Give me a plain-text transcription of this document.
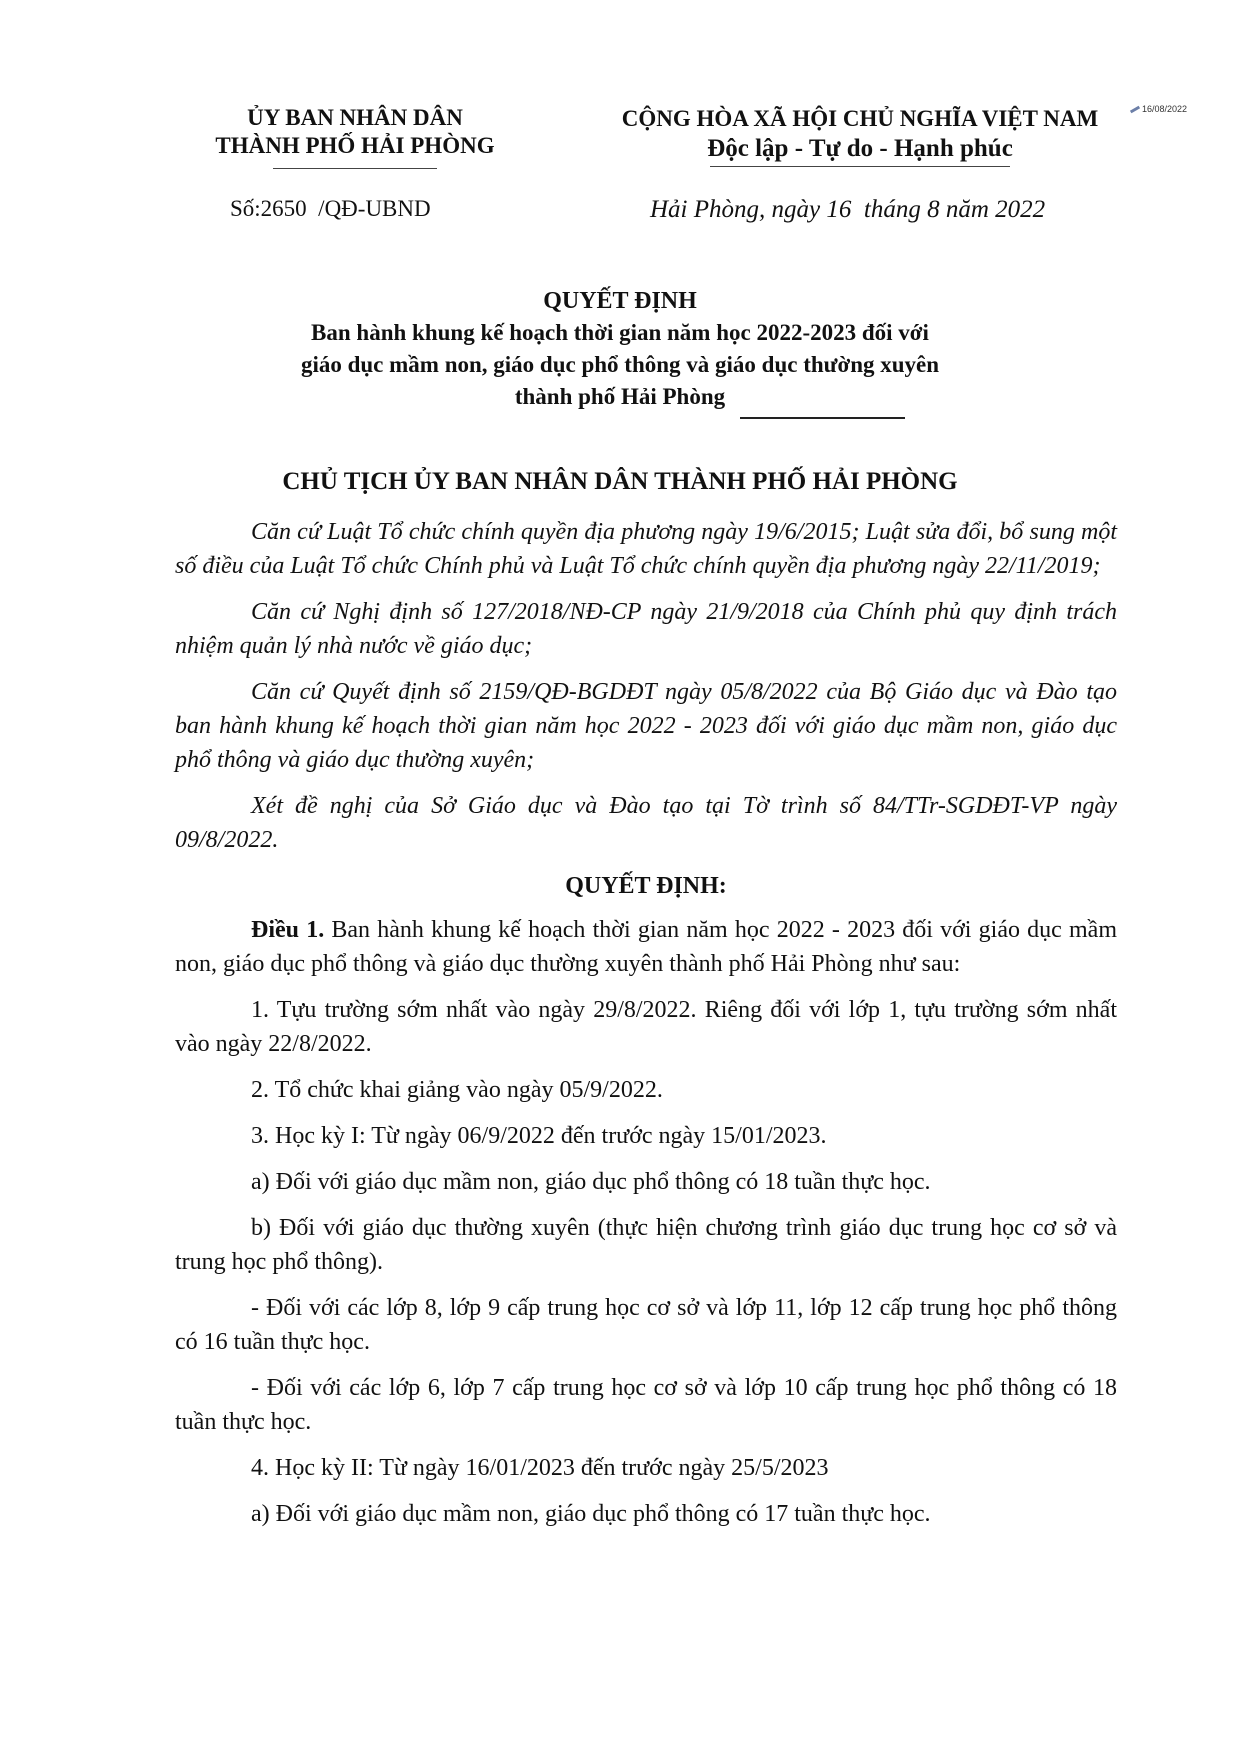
ỦY BAN NHÂN DÂN
THÀNH PHỐ HẢI PHÒNG
Số:2650  /QĐ-UBND
CỘNG HÒA XÃ HỘI CHỦ NGHĨA VIỆT NAM
Độc lập - Tự do - Hạnh phúc
16/08/2022
Hải Phòng, ngày 16  tháng 8 năm 2022
QUYẾT ĐỊNH
Ban hành khung kế hoạch thời gian năm học 2022-2023 đối với
giáo dục mầm non, giáo dục phổ thông và giáo dục thường xuyên
thành phố Hải Phòng
CHỦ TỊCH ỦY BAN NHÂN DÂN THÀNH PHỐ HẢI PHÒNG

Căn cứ Luật Tổ chức chính quyền địa phương ngày 19/6/2015; Luật sửa đổi, bổ sung một số điều của Luật Tổ chức Chính phủ và Luật Tổ chức chính quyền địa phương ngày 22/11/2019;

Căn cứ Nghị định số 127/2018/NĐ-CP ngày 21/9/2018 của Chính phủ quy định trách nhiệm quản lý nhà nước về giáo dục;

Căn cứ Quyết định số 2159/QĐ-BGDĐT ngày 05/8/2022 của Bộ Giáo dục và Đào tạo ban hành khung kế hoạch thời gian năm học 2022 - 2023 đối với giáo dục mầm non, giáo dục phổ thông và giáo dục thường xuyên;

Xét đề nghị của Sở Giáo dục và Đào tạo tại Tờ trình số 84/TTr-SGDĐT-VP ngày 09/8/2022.

QUYẾT ĐỊNH:

Điều 1. Ban hành khung kế hoạch thời gian năm học 2022 - 2023 đối với giáo dục mầm non, giáo dục phổ thông và giáo dục thường xuyên thành phố Hải Phòng như sau:

1. Tựu trường sớm nhất vào ngày 29/8/2022. Riêng đối với lớp 1, tựu trường sớm nhất vào ngày 22/8/2022.

2. Tổ chức khai giảng vào ngày 05/9/2022.

3. Học kỳ I: Từ ngày 06/9/2022 đến trước ngày 15/01/2023.

a) Đối với giáo dục mầm non, giáo dục phổ thông có 18 tuần thực học.

b) Đối với giáo dục thường xuyên (thực hiện chương trình giáo dục trung học cơ sở và trung học phổ thông).

- Đối với các lớp 8, lớp 9 cấp trung học cơ sở và lớp 11, lớp 12 cấp trung học phổ thông có 16 tuần thực học.

- Đối với các lớp 6, lớp 7 cấp trung học cơ sở và lớp 10 cấp trung học phổ thông có 18 tuần thực học.

4. Học kỳ II: Từ ngày 16/01/2023 đến trước ngày 25/5/2023

a) Đối với giáo dục mầm non, giáo dục phổ thông có 17 tuần thực học.
